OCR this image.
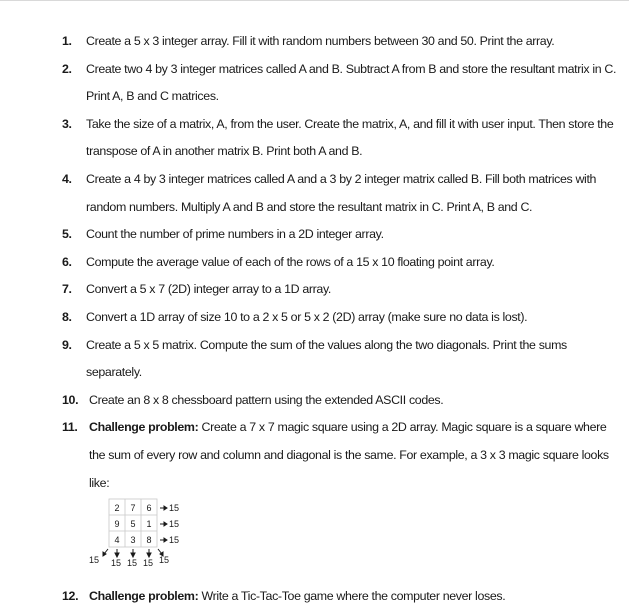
1. Create a 5 x 3 integer array. Fill it with random numbers between 30 and 50. Print the array.
2. Create two 4 by 3 integer matrices called A and B. Subtract A from B and store the resultant matrix in C. Print A, B and C matrices.
3. Take the size of a matrix, A, from the user. Create the matrix, A, and fill it with user input. Then store the transpose of A in another matrix B. Print both A and B.
4. Create a 4 by 3 integer matrices called A and a 3 by 2 integer matrix called B. Fill both matrices with random numbers. Multiply A and B and store the resultant matrix in C. Print A, B and C.
5. Count the number of prime numbers in a 2D integer array.
6. Compute the average value of each of the rows of a 15 x 10 floating point array.
7. Convert a 5 x 7 (2D) integer array to a 1D array.
8. Convert a 1D array of size 10 to a 2 x 5 or 5 x 2 (2D) array (make sure no data is lost).
9. Create a 5 x 5 matrix. Compute the sum of the values along the two diagonals. Print the sums separately.
10. Create an 8 x 8 chessboard pattern using the extended ASCII codes.
11. Challenge problem: Create a 7 x 7 magic square using a 2D array. Magic square is a square where the sum of every row and column and diagonal is the same. For example, a 3 x 3 magic square looks like:
2 7 6
9 5 1
4 3 8
15
15
15
15 15 15 15 15
12. Challenge problem: Write a Tic-Tac-Toe game where the computer never loses.
